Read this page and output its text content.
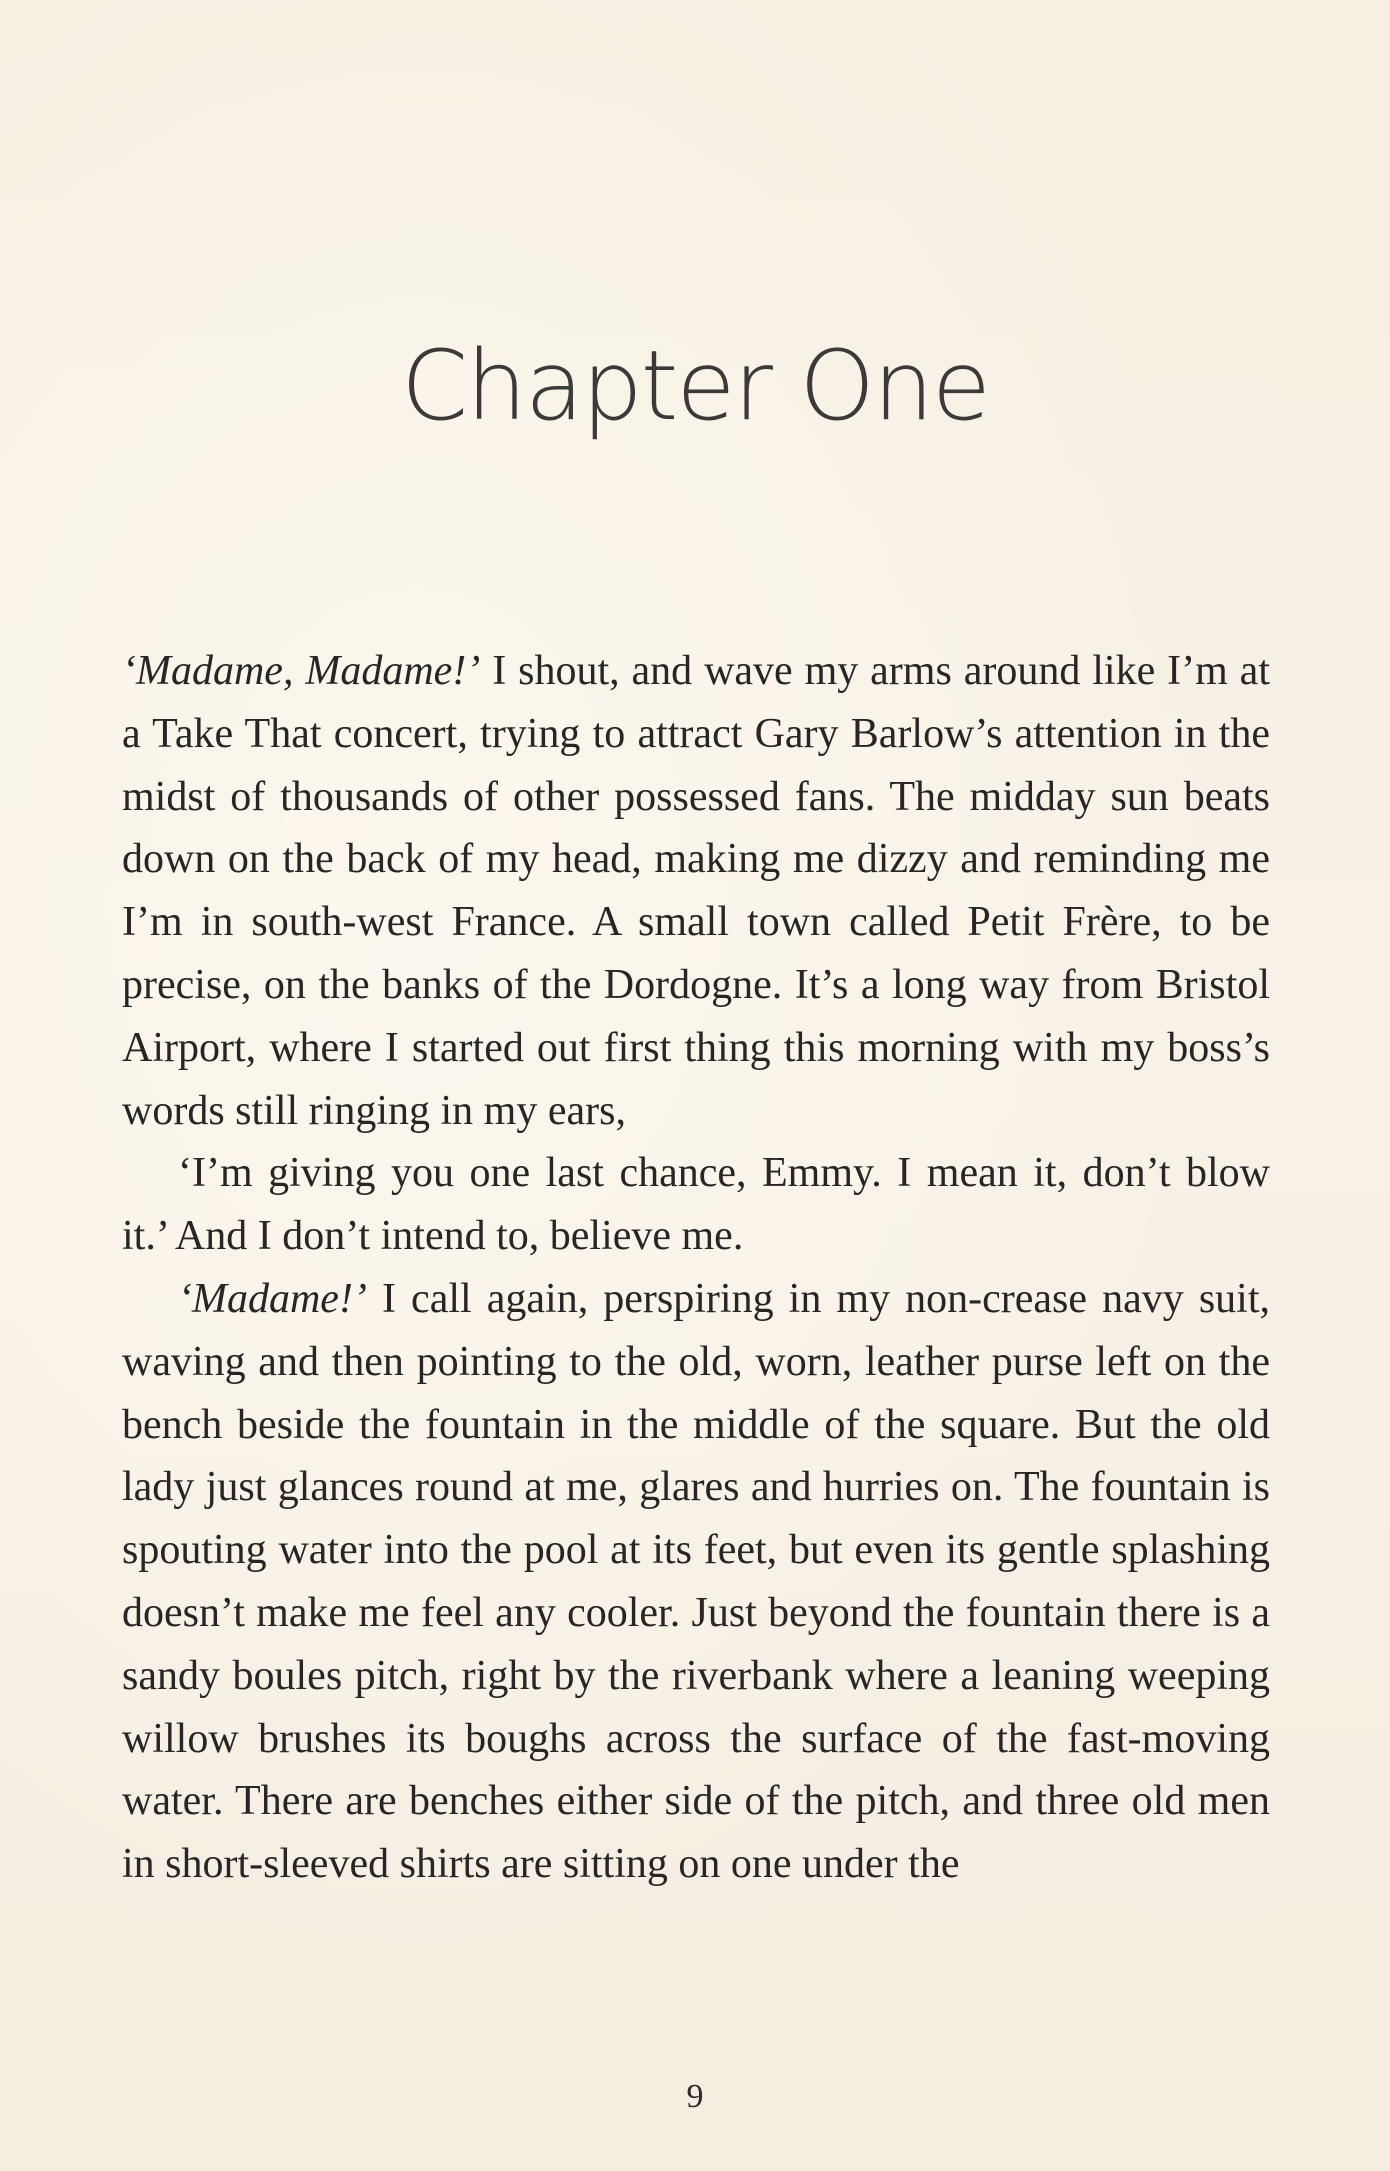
Chapter One

‘Madame, Madame!’ I shout, and wave my arms around like I’m at a Take That concert, trying to attract Gary Barlow’s attention in the midst of thousands of other possessed fans. The midday sun beats down on the back of my head, making me dizzy and reminding me I’m in south-west France. A small town called Petit Frère, to be precise, on the banks of the Dordogne. It’s a long way from Bristol Airport, where I started out first thing this morning with my boss’s words still ringing in my ears,

‘I’m giving you one last chance, Emmy. I mean it, don’t blow it.’ And I don’t intend to, believe me.

‘Madame!’ I call again, perspiring in my non-crease navy suit, waving and then pointing to the old, worn, leather purse left on the bench beside the fountain in the middle of the square. But the old lady just glances round at me, glares and hurries on. The fountain is spouting water into the pool at its feet, but even its gentle splashing doesn’t make me feel any cooler. Just beyond the fountain there is a sandy boules pitch, right by the riverbank where a leaning weeping willow brushes its boughs across the surface of the fast-moving water. There are benches either side of the pitch, and three old men in short-sleeved shirts are sitting on one under the

9
